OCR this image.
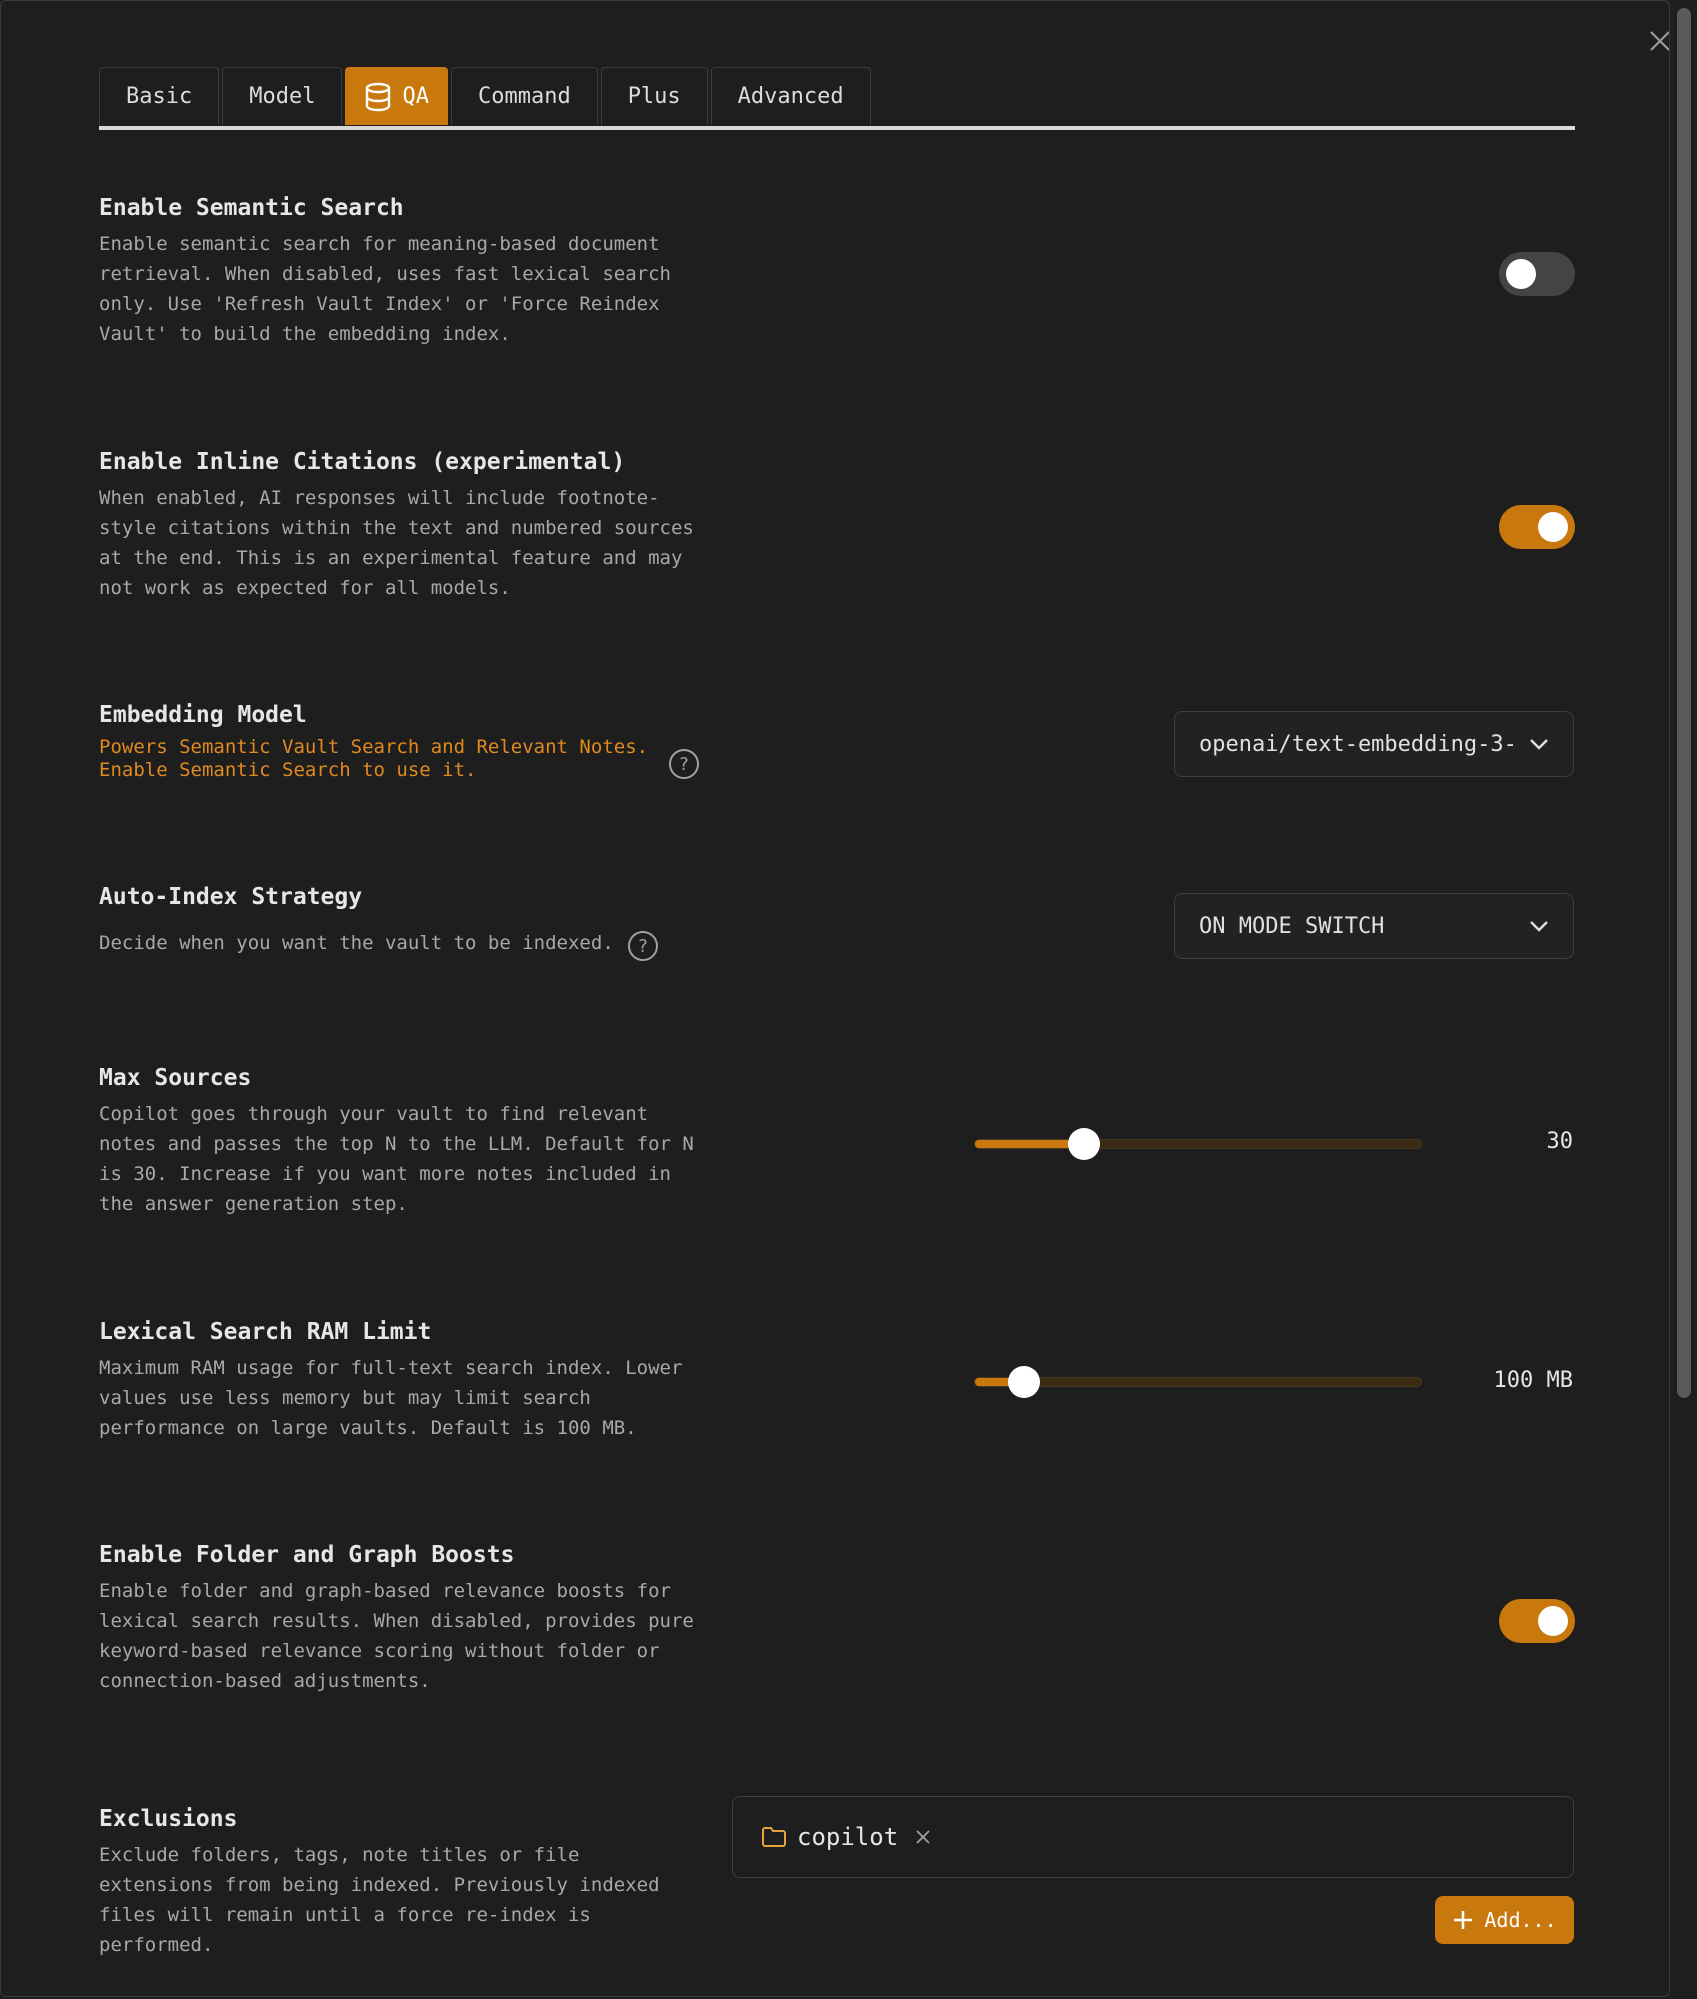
Basic	Model	QA Command	Plus	Advanced
Enable Semantic Search
Enable semantic search for meaning-based document retrieval. When disabled, uses fast lexical search only. Use 'Refresh Vault Index' or 'Force Reindex Vault' to build the embedding index.
Enable Inline Citations (experimental)
When enabled, AI responses will include footnote-style citations within the text and numbered sources at the end. This is an experimental feature and may not work as expected for all models.
Embedding Model
Powers Semantic Vault Search and Relevant Notes. Enable Semantic Search to use it.	?
openai/text-embedding-3-
Auto-Index Strategy
Decide when you want the vault to be indexed.	?
ON MODE SWITCH
Max Sources
Copilot goes through your vault to find relevant notes and passes the top N to the LLM. Default for N is 30. Increase if you want more notes included in the answer generation step.
30
Lexical Search RAM Limit
Maximum RAM usage for full-text search index. Lower values use less memory but may limit search performance on large vaults. Default is 100 MB.
100 MB
Enable Folder and Graph Boosts
Enable folder and graph-based relevance boosts for lexical search results. When disabled, provides pure keyword-based relevance scoring without folder or connection-based adjustments.
Exclusions
Exclude folders, tags, note titles or file extensions from being indexed. Previously indexed files will remain until a force re-index is performed.
copilot
Add...
